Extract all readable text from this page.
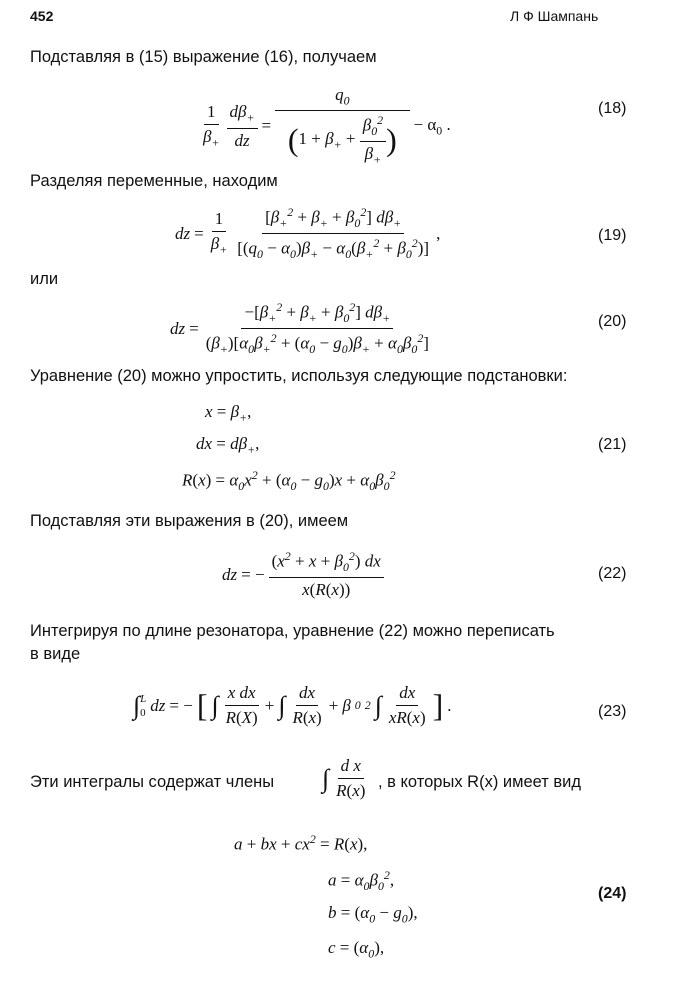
452	Л Ф Шампань
Подставляя в (15) выражение (16), получаем
$\frac{1}{\beta_+} \frac{d\beta_+}{dz} = \frac{q_0}{(1 + \beta_+ + \frac{\beta_0^2}{\beta_+} )} - \alpha_0$ .
(18)
Разделяя переменные, находим
dz = $\frac{1}{\beta_+} \frac{[\beta_+^2 + \beta_+ + \beta_0^2] d\beta_+}{[(q_0 - \alpha_0)\beta_+ - \alpha_0(\beta_+^2 + \beta_0^2)]}$ ,	(19)
или
dz = $\frac{-[\beta_+^2 + \beta_+ + \beta_0^2] d\beta_+}{(\beta_+)[\alpha_0\beta_+^2 + (\alpha_0 - g_0)\beta_+ + \alpha_0\beta_0^2]}$	(20)
Уравнение (20) можно упростить, используя следующие подстановки:
$x = \beta_+$,
dx = $d\beta_+$,
$R(x) = \alpha_0x^2 + (\alpha_0 - g_0)x + \alpha_0\beta_0^2$
(21)
Подставляя эти выражения в (20), имеем
dz = − $\frac{(x^2 + x + \beta_0^2) dx}{x(R(x))}$	(22)
Интегрируя по длине резонатора, уравнение (22) можно переписать
в виде
∫ L
0 dz = − [ ∫ $\frac{\text{x dx}}{R(X)}$ + ∫ $\frac{dx}{R(x)} + \beta$ 0 2 ∫ $\frac{dx}{xR(x)}$ ] .	(23)
Эти интегралы содержат члены ∫ $\frac{\text{d x}}{R(x)}$ , в которых R(x) имеет вид
a + bx + $cx^2 = R(x)$,
$a = \alpha_0\beta_0^2$,
$b = (\alpha_0 - g_0)$,
$c = (\alpha_0)$,
(24)
